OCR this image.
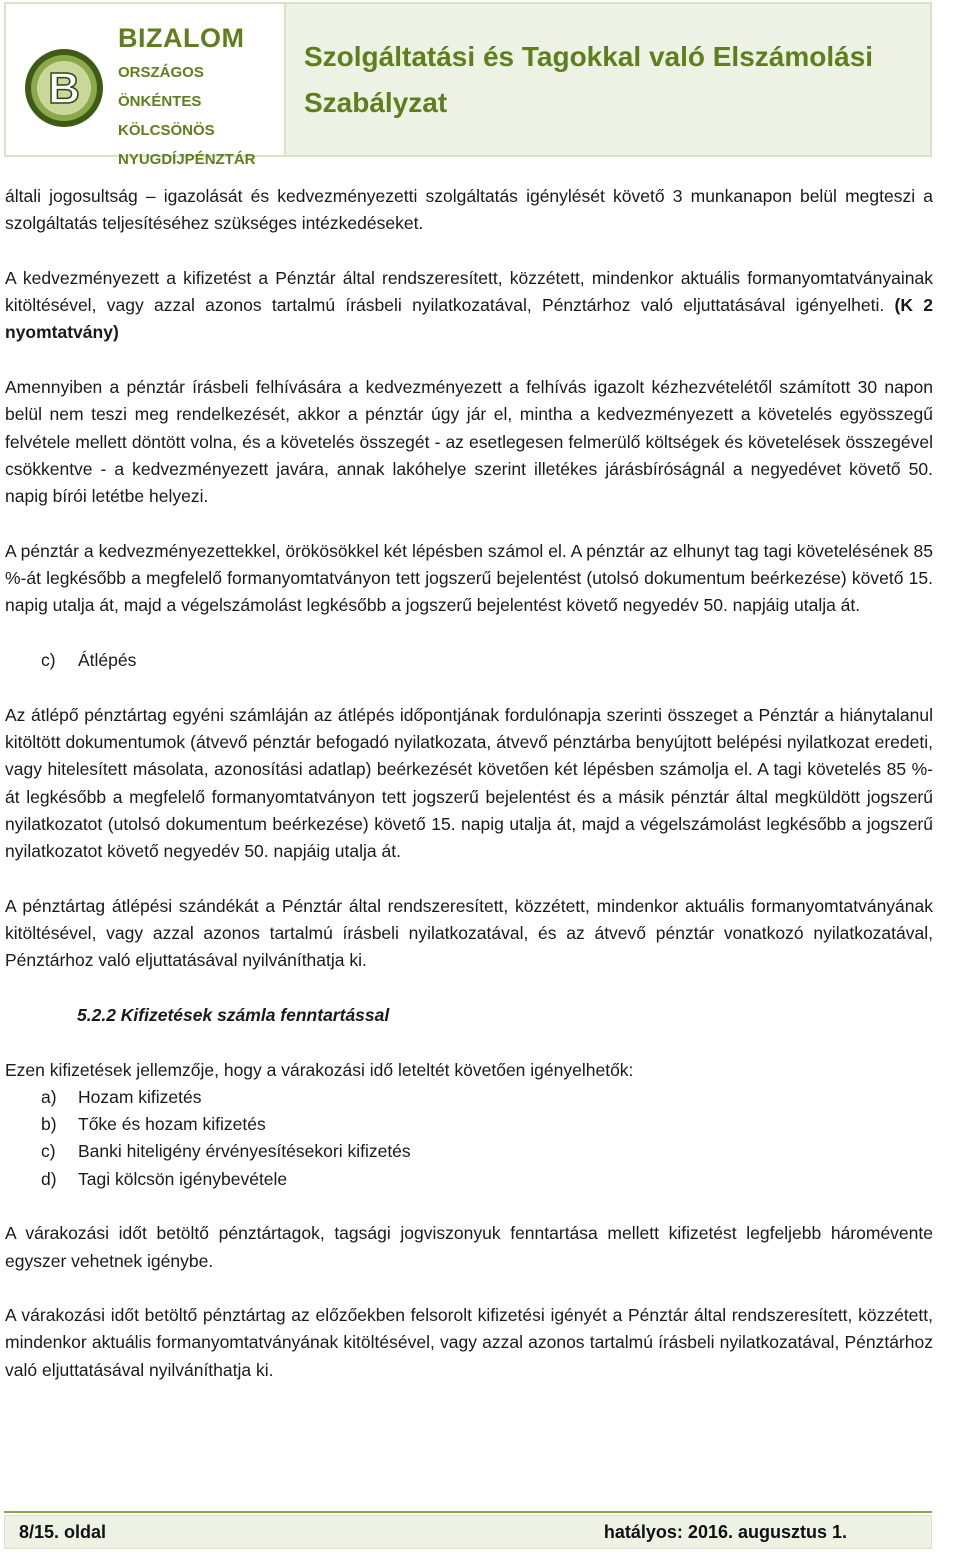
B
BIZALOM
ORSZÁGOS ÖNKÉNTES
KÖLCSÖNÖS
NYUGDÍJPÉNZTÁR
Szolgáltatási és Tagokkal való Elszámolási
Szabályzat

általi jogosultság – igazolását és kedvezményezetti szolgáltatás igénylését követő 3 munkanapon belül megteszi a szolgáltatás teljesítéséhez szükséges intézkedéseket.

A kedvezményezett a kifizetést a Pénztár által rendszeresített, közzétett, mindenkor aktuális formanyomtatványainak kitöltésével, vagy azzal azonos tartalmú írásbeli nyilatkozatával, Pénztárhoz való eljuttatásával igényelheti. (K 2 nyomtatvány)

Amennyiben a pénztár írásbeli felhívására a kedvezményezett a felhívás igazolt kézhezvételétől számított 30 napon belül nem teszi meg rendelkezését, akkor a pénztár úgy jár el, mintha a kedvezményezett a követelés egyösszegű felvétele mellett döntött volna, és a követelés összegét - az esetlegesen felmerülő költségek és követelések összegével csökkentve - a kedvezményezett javára, annak lakóhelye szerint illetékes járásbíróságnál a negyedévet követő 50. napig bírói letétbe helyezi.

A pénztár a kedvezményezettekkel, örökösökkel két lépésben számol el. A pénztár az elhunyt tag tagi követelésének 85 %-át legkésőbb a megfelelő formanyomtatványon tett jogszerű bejelentést (utolsó dokumentum beérkezése) követő 15. napig utalja át, majd a végelszámolást legkésőbb a jogszerű bejelentést követő negyedév 50. napjáig utalja át.

c)	Átlépés

Az átlépő pénztártag egyéni számláján az átlépés időpontjának fordulónapja szerinti összeget a Pénztár a hiánytalanul kitöltött dokumentumok (átvevő pénztár befogadó nyilatkozata, átvevő pénztárba benyújtott belépési nyilatkozat eredeti, vagy hitelesített másolata, azonosítási adatlap) beérkezését követően két lépésben számolja el. A tagi követelés 85 %-át legkésőbb a megfelelő formanyomtatványon tett jogszerű bejelentést és a másik pénztár által megküldött jogszerű nyilatkozatot (utolsó dokumentum beérkezése) követő 15. napig utalja át, majd a végelszámolást legkésőbb a jogszerű nyilatkozatot követő negyedév 50. napjáig utalja át.

A pénztártag átlépési szándékát a Pénztár által rendszeresített, közzétett, mindenkor aktuális formanyomtatványának kitöltésével, vagy azzal azonos tartalmú írásbeli nyilatkozatával, és az átvevő pénztár vonatkozó nyilatkozatával, Pénztárhoz való eljuttatásával nyilváníthatja ki.

5.2.2 Kifizetések számla fenntartással

Ezen kifizetések jellemzője, hogy a várakozási idő leteltét követően igényelhetők:

a)	Hozam kifizetés
b)	Tőke és hozam kifizetés
c)	Banki hiteligény érvényesítésekori kifizetés
d)	Tagi kölcsön igénybevétele

A várakozási időt betöltő pénztártagok, tagsági jogviszonyuk fenntartása mellett kifizetést legfeljebb háromévente egyszer vehetnek igénybe.

A várakozási időt betöltő pénztártag az előzőekben felsorolt kifizetési igényét a Pénztár által rendszeresített, közzétett, mindenkor aktuális formanyomtatványának kitöltésével, vagy azzal azonos tartalmú írásbeli nyilatkozatával, Pénztárhoz való eljuttatásával nyilváníthatja ki.

8/15. oldal	hatályos: 2016. augusztus 1.
